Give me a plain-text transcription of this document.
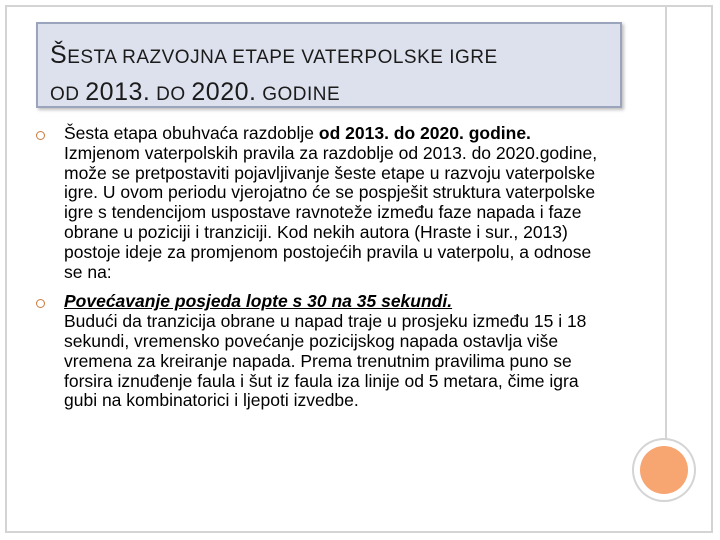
ŠESTA RAZVOJNA ETAPE VATERPOLSKE IGRE
OD 2013. DO 2020. GODINE
Šesta etapa obuhvaća razdoblje od 2013. do 2020. godine. Izmjenom vaterpolskih pravila za razdoblje od 2013. do 2020.godine, može se pretpostaviti pojavljivanje šeste etape u razvoju vaterpolske igre. U ovom periodu vjerojatno će se pospješit struktura vaterpolske igre s tendencijom uspostave ravnoteže između faze napada i faze obrane u poziciji i tranziciji. Kod nekih autora (Hraste i sur., 2013) postoje ideje za promjenom postojećih pravila u vaterpolu, a odnose se na:
Povećavanje posjeda lopte s 30 na 35 sekundi.
Budući da tranzicija obrane u napad traje u prosjeku između 15 i 18 sekundi, vremensko povećanje pozicijskog napada ostavlja više vremena za kreiranje napada. Prema trenutnim pravilima puno se forsira iznuđenje faula i šut iz faula iza linije od 5 metara, čime igra gubi na kombinatorici i ljepoti izvedbe.
